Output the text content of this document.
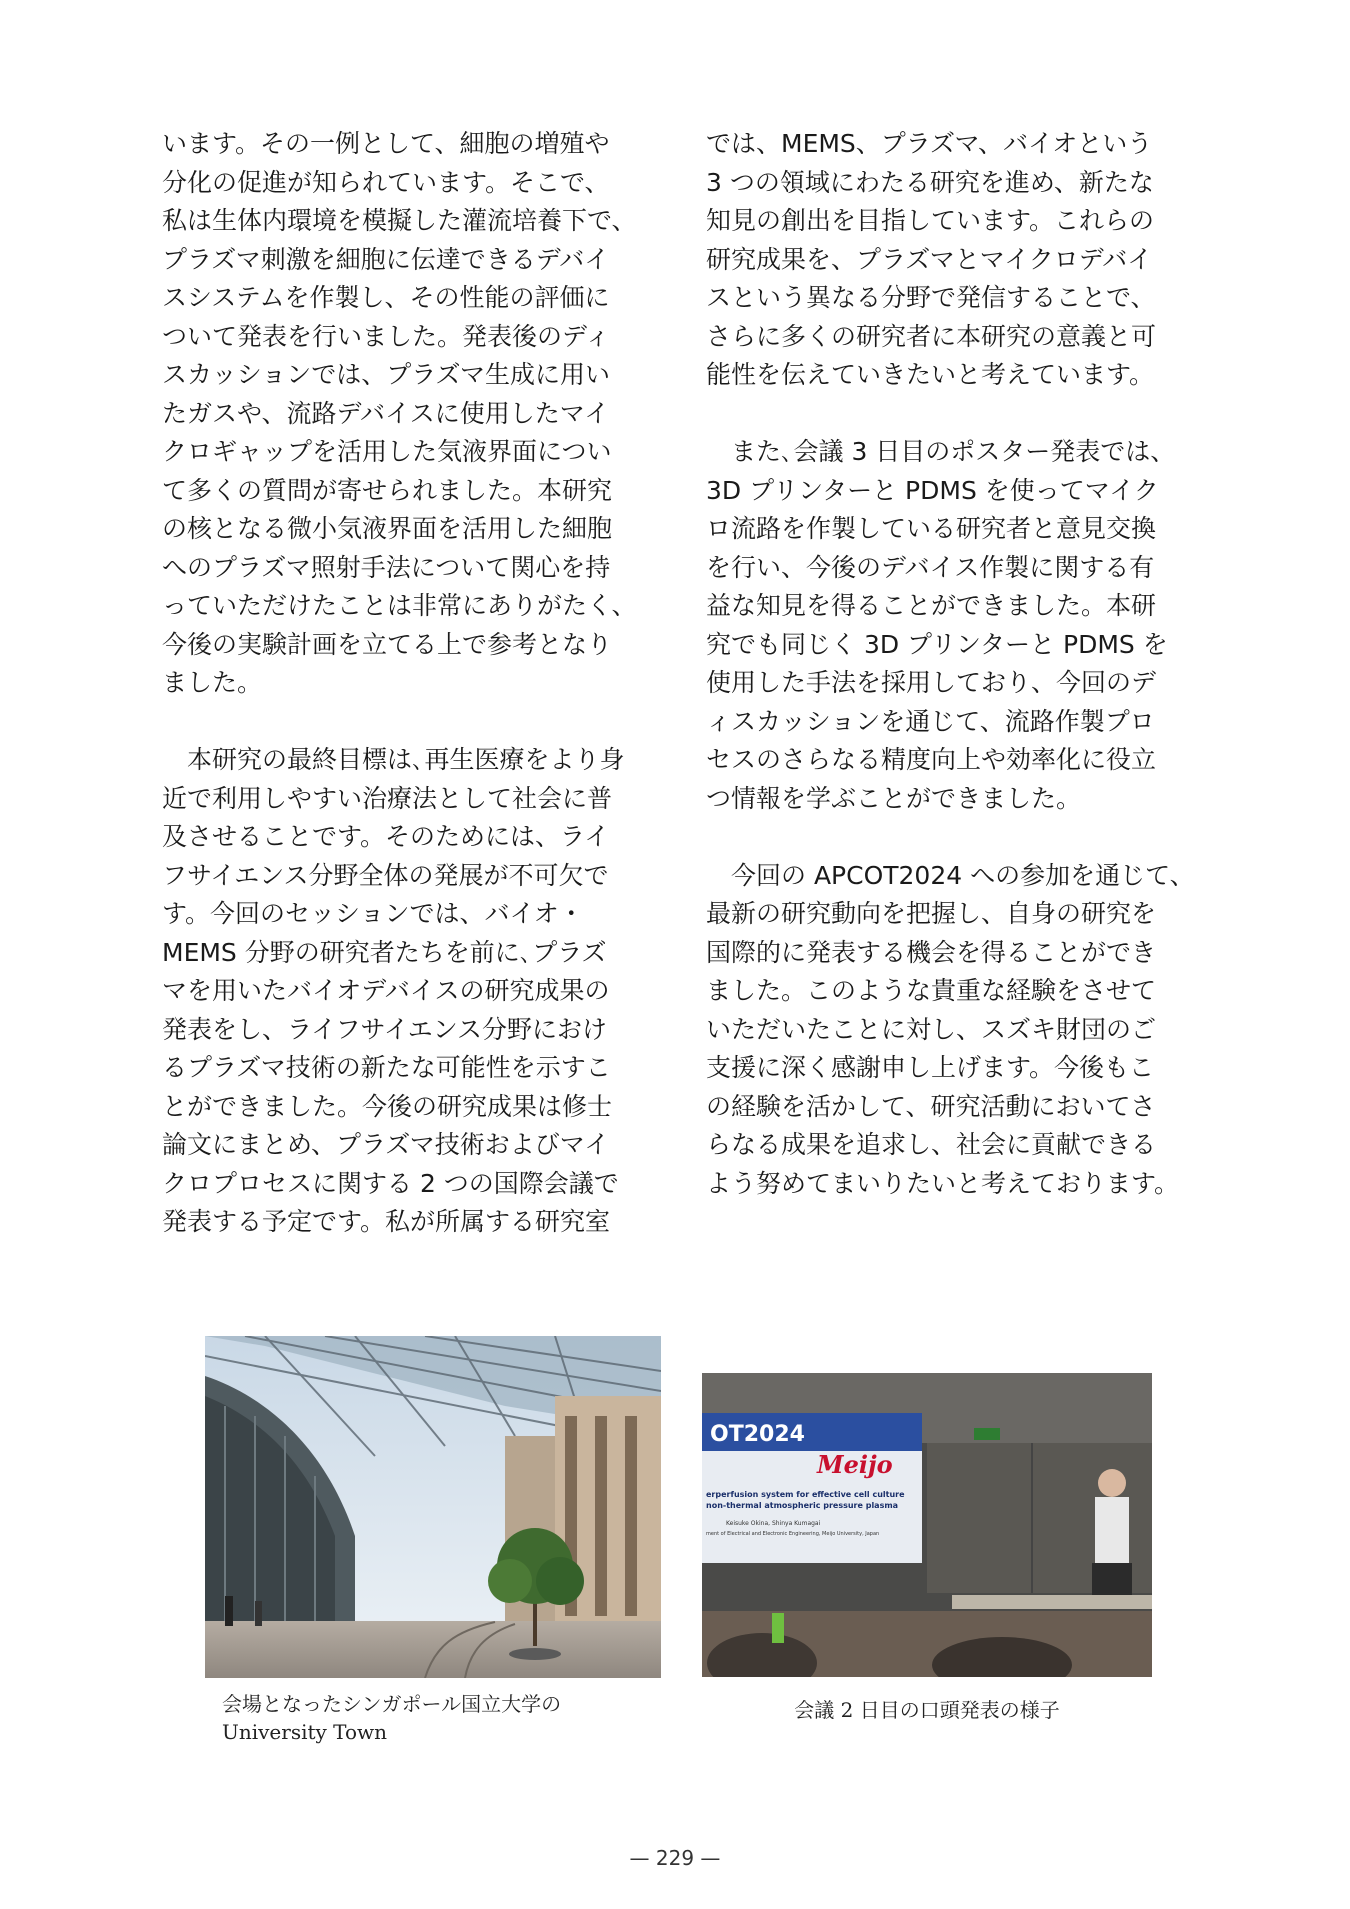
います。その一例として、細胞の増殖や
分化の促進が知られています。そこで、
私は生体内環境を模擬した灌流培養下で、
プラズマ刺激を細胞に伝達できるデバイ
スシステムを作製し、その性能の評価に
ついて発表を行いました。発表後のディ
スカッションでは、プラズマ生成に用い
たガスや、流路デバイスに使用したマイ
クロギャップを活用した気液界面につい
て多くの質問が寄せられました。本研究
の核となる微小気液界面を活用した細胞
へのプラズマ照射手法について関心を持
っていただけたことは非常にありがたく、
今後の実験計画を立てる上で参考となり
ました。
　本研究の最終目標は､再生医療をより身
近で利用しやすい治療法として社会に普
及させることです。そのためには、ライ
フサイエンス分野全体の発展が不可欠で
す。今回のセッションでは、バイオ・
MEMS 分野の研究者たちを前に､プラズ
マを用いたバイオデバイスの研究成果の
発表をし、ライフサイエンス分野におけ
るプラズマ技術の新たな可能性を示すこ
とができました。今後の研究成果は修士
論文にまとめ、プラズマ技術およびマイ
クロプロセスに関する 2 つの国際会議で
発表する予定です。私が所属する研究室
では、MEMS、プラズマ、バイオという
3 つの領域にわたる研究を進め、新たな
知見の創出を目指しています。これらの
研究成果を、プラズマとマイクロデバイ
スという異なる分野で発信することで、
さらに多くの研究者に本研究の意義と可
能性を伝えていきたいと考えています。
　また､会議 3 日目のポスター発表では、
3D プリンターと PDMS を使ってマイク
ロ流路を作製している研究者と意見交換
を行い、今後のデバイス作製に関する有
益な知見を得ることができました。本研
究でも同じく 3D プリンターと PDMS を
使用した手法を採用しており、今回のデ
ィスカッションを通じて、流路作製プロ
セスのさらなる精度向上や効率化に役立
つ情報を学ぶことができました。
　今回の APCOT2024 への参加を通じて、
最新の研究動向を把握し、自身の研究を
国際的に発表する機会を得ることができ
ました。このような貴重な経験をさせて
いただいたことに対し、スズキ財団のご
支援に深く感謝申し上げます。今後もこ
の経験を活かして、研究活動においてさ
らなる成果を追求し、社会に貢献できる
よう努めてまいりたいと考えております。
OT2024
Meijo
erperfusion system for effective cell culture
non-thermal atmospheric pressure plasma
Keisuke Okina, Shinya Kumagai
ment of Electrical and Electronic Engineering, Meijo University, Japan
会場となったシンガポール国立大学の
University Town
会議 2 日目の口頭発表の様子
— 229 —
